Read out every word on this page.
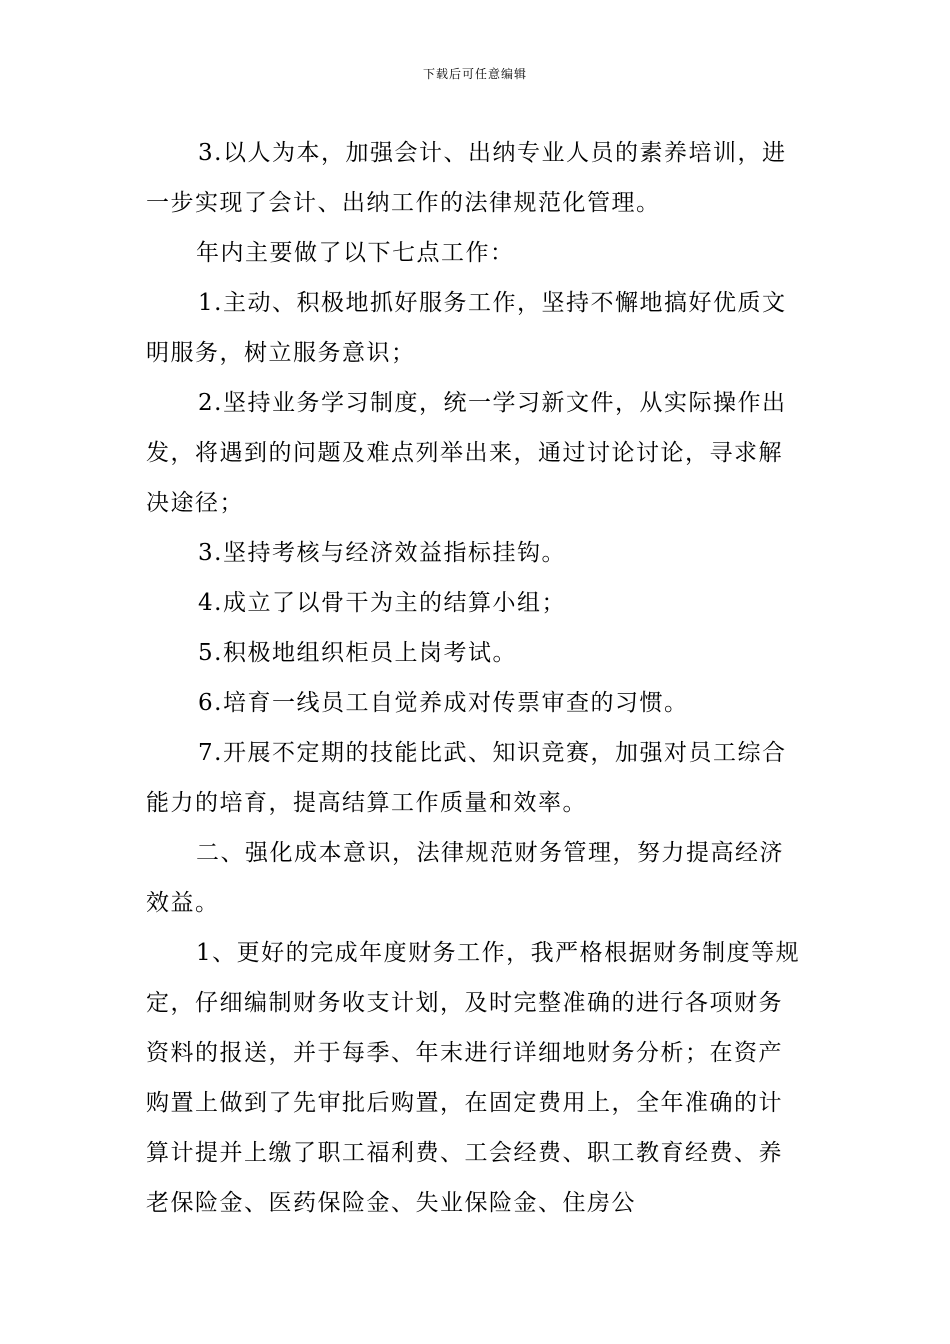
下载后可任意编辑

3.以人为本，加强会计、出纳专业人员的素养培训，进一步实现了会计、出纳工作的法律规范化管理。

年内主要做了以下七点工作：

1.主动、积极地抓好服务工作，坚持不懈地搞好优质文明服务，树立服务意识；

2.坚持业务学习制度，统一学习新文件，从实际操作出发，将遇到的问题及难点列举出来，通过讨论讨论，寻求解决途径；

3.坚持考核与经济效益指标挂钩。

4.成立了以骨干为主的结算小组；

5.积极地组织柜员上岗考试。

6.培育一线员工自觉养成对传票审查的习惯。

7.开展不定期的技能比武、知识竞赛，加强对员工综合能力的培育，提高结算工作质量和效率。

二、强化成本意识，法律规范财务管理，努力提高经济效益。

1、更好的完成年度财务工作，我严格根据财务制度等规定，仔细编制财务收支计划，及时完整准确的进行各项财务资料的报送，并于每季、年末进行详细地财务分析；在资产购置上做到了先审批后购置，在固定费用上，全年准确的计算计提并上缴了职工福利费、工会经费、职工教育经费、养老保险金、医药保险金、失业保险金、住房公
